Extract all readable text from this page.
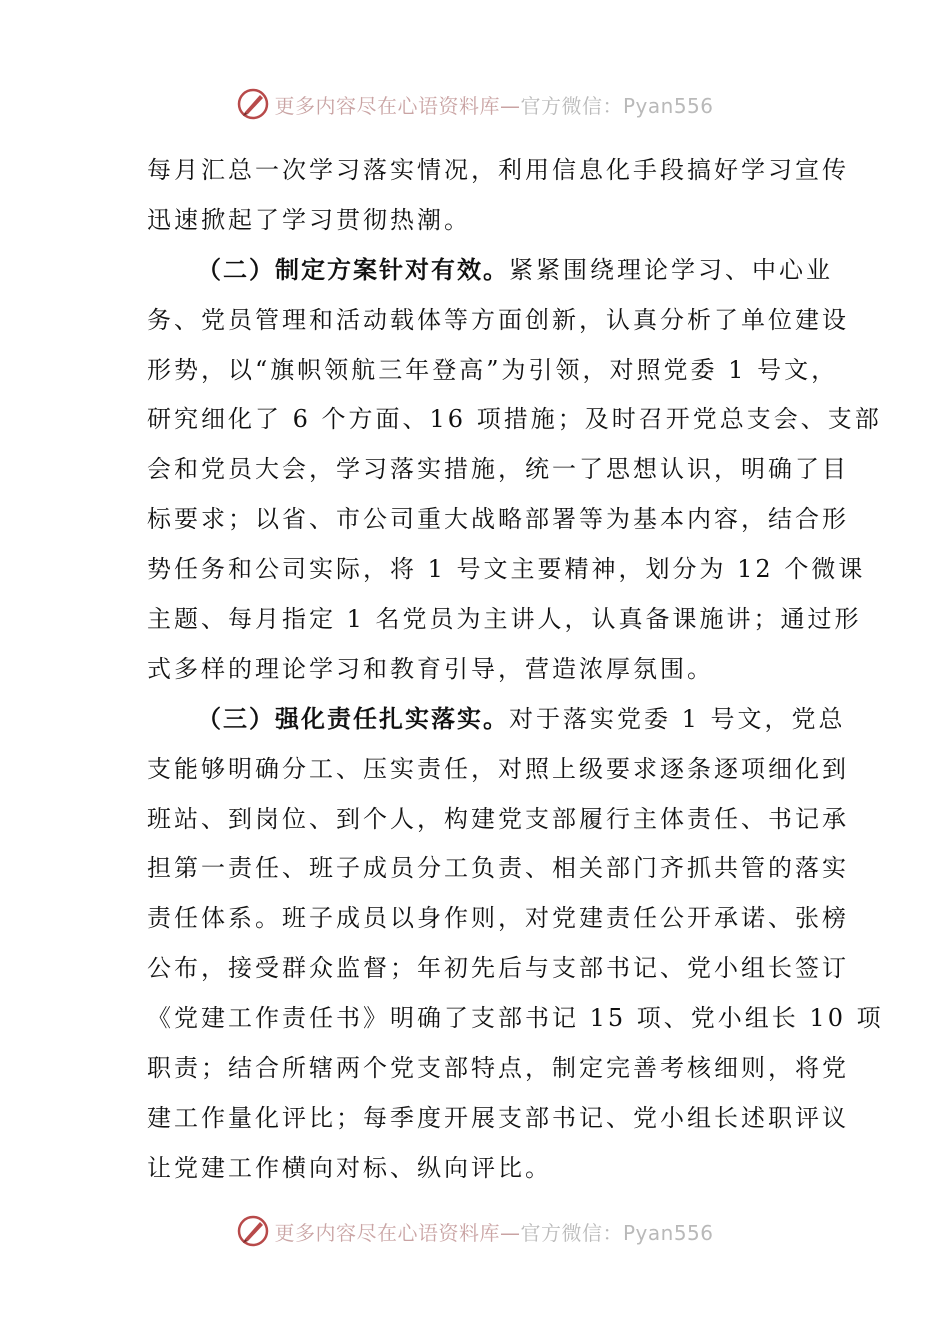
更多内容尽在心语资料库—官方微信：Pyan556
每月汇总一次学习落实情况，利用信息化手段搞好学习宣传
迅速掀起了学习贯彻热潮。
（二）制定方案针对有效。紧紧围绕理论学习、中心业
务、党员管理和活动载体等方面创新，认真分析了单位建设
形势，以“旗帜领航三年登高”为引领，对照党委 1 号文，
研究细化了 6 个方面、16 项措施；及时召开党总支会、支部
会和党员大会，学习落实措施，统一了思想认识，明确了目
标要求；以省、市公司重大战略部署等为基本内容，结合形
势任务和公司实际，将 1 号文主要精神，划分为 12 个微课
主题、每月指定 1 名党员为主讲人，认真备课施讲；通过形
式多样的理论学习和教育引导，营造浓厚氛围。
（三）强化责任扎实落实。对于落实党委 1 号文，党总
支能够明确分工、压实责任，对照上级要求逐条逐项细化到
班站、到岗位、到个人，构建党支部履行主体责任、书记承
担第一责任、班子成员分工负责、相关部门齐抓共管的落实
责任体系。班子成员以身作则，对党建责任公开承诺、张榜
公布，接受群众监督；年初先后与支部书记、党小组长签订
《党建工作责任书》明确了支部书记 15 项、党小组长 10 项
职责；结合所辖两个党支部特点，制定完善考核细则，将党
建工作量化评比；每季度开展支部书记、党小组长述职评议
让党建工作横向对标、纵向评比。
更多内容尽在心语资料库—官方微信：Pyan556
